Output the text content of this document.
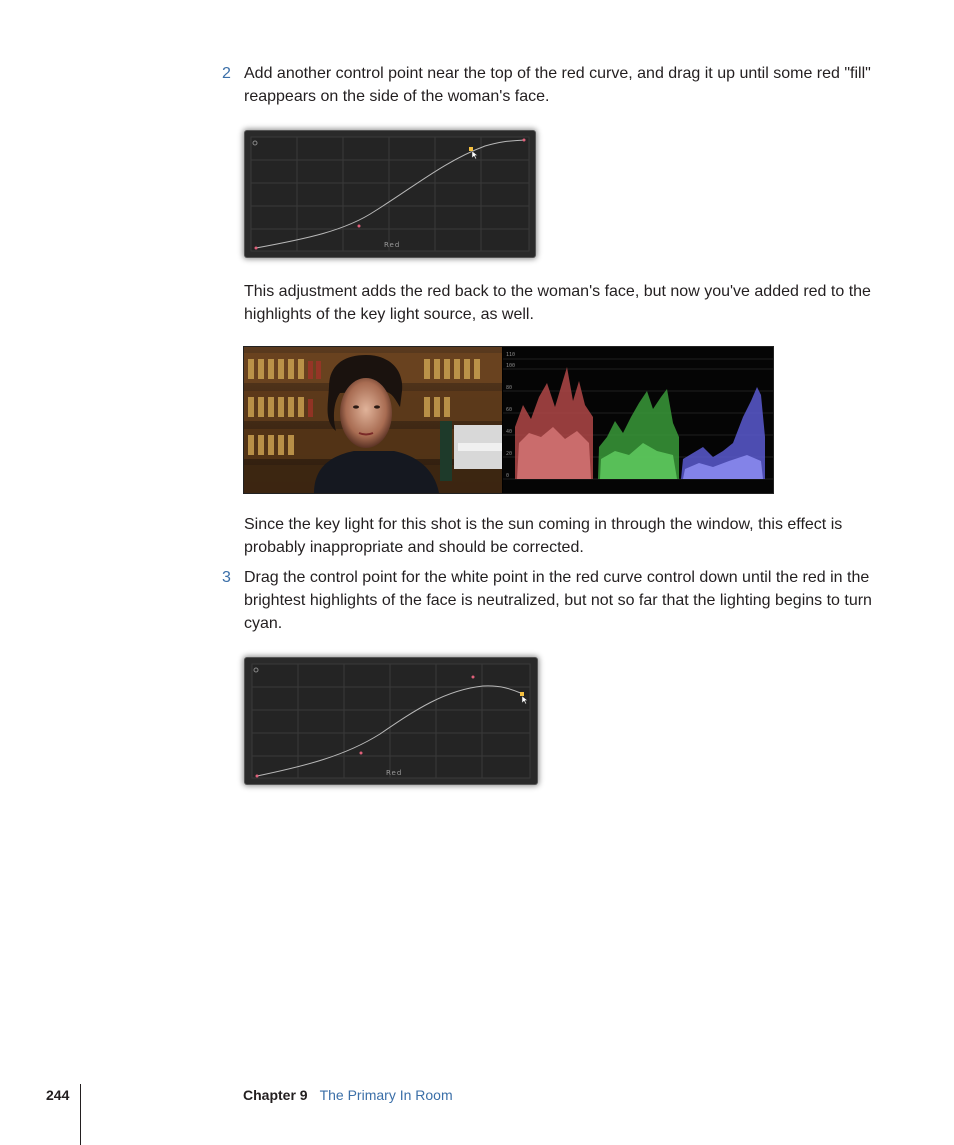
2 Add another control point near the top of the red curve, and drag it up until some red "fill" reappears on the side of the woman's face.
Red
This adjustment adds the red back to the woman's face, but now you've added red to the highlights of the key light source, as well.
110
100
80
60
40
20
0
Since the key light for this shot is the sun coming in through the window, this effect is probably inappropriate and should be corrected.
3 Drag the control point for the white point in the red curve control down until the red in the brightest highlights of the face is neutralized, but not so far that the lighting begins to turn cyan.
Red
244	Chapter 9 The Primary In Room
